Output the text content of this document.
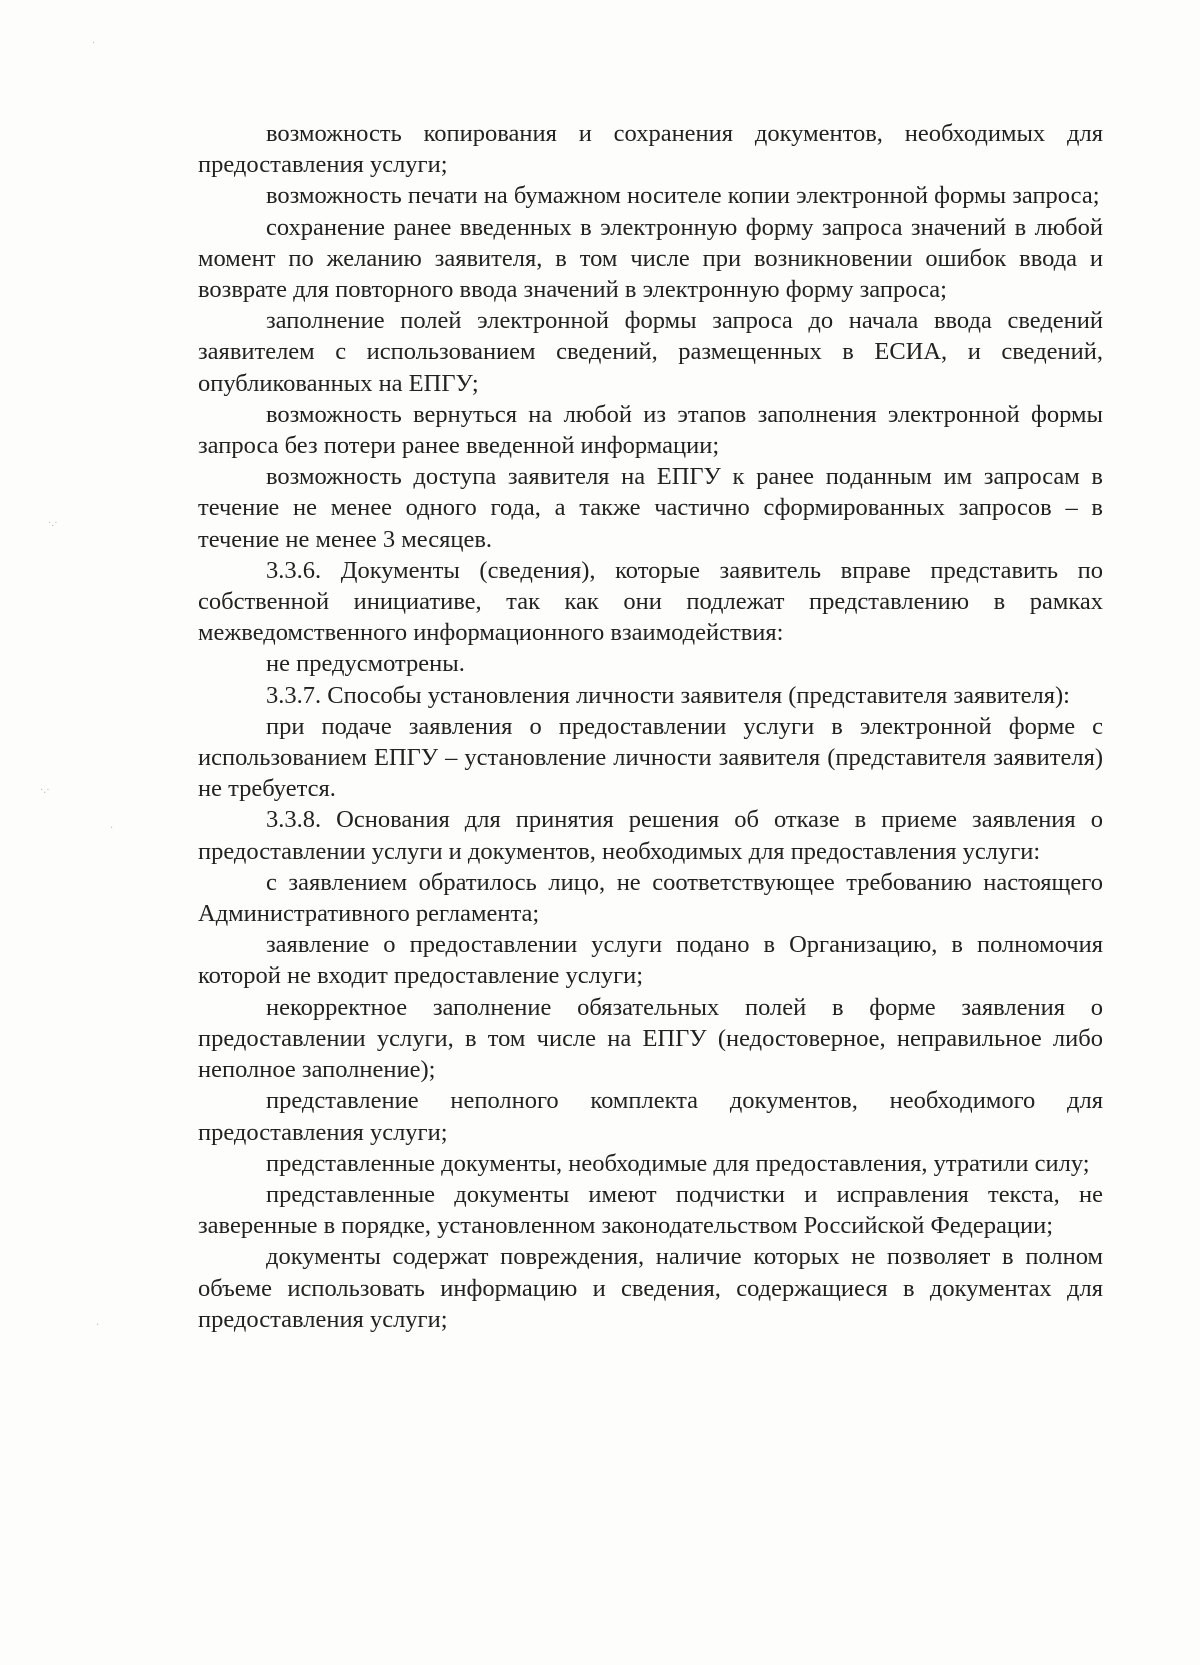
·
·.·
·.·
·
·

возможность копирования и сохранения документов, необходимых для предоставления услуги;

возможность печати на бумажном носителе копии электронной формы запроса;

сохранение ранее введенных в электронную форму запроса значений в любой момент по желанию заявителя, в том числе при возникновении ошибок ввода и возврате для повторного ввода значений в электронную форму запроса;

заполнение полей электронной формы запроса до начала ввода сведений заявителем с использованием сведений, размещенных в ЕСИА, и сведений, опубликованных на ЕПГУ;

возможность вернуться на любой из этапов заполнения электронной формы запроса без потери ранее введенной информации;

возможность доступа заявителя на ЕПГУ к ранее поданным им запросам в течение не менее одного года, а также частично сформированных запросов – в течение не менее 3 месяцев.

3.3.6. Документы (сведения), которые заявитель вправе представить по собственной инициативе, так как они подлежат представлению в рамках межведомственного информационного взаимодействия:

не предусмотрены.

3.3.7. Способы установления личности заявителя (представителя заявителя):

при подаче заявления о предоставлении услуги в электронной форме с использованием ЕПГУ – установление личности заявителя (представителя заявителя) не требуется.

3.3.8. Основания для принятия решения об отказе в приеме заявления о предоставлении услуги и документов, необходимых для предоставления услуги:

с заявлением обратилось лицо, не соответствующее требованию настоящего Административного регламента;

заявление о предоставлении услуги подано в Организацию, в полномочия которой не входит предоставление услуги;

некорректное заполнение обязательных полей в форме заявления о предоставлении услуги, в том числе на ЕПГУ (недостоверное, неправильное либо неполное заполнение);

представление неполного комплекта документов, необходимого для предоставления услуги;

представленные документы, необходимые для предоставления, утратили силу;

представленные документы имеют подчистки и исправления текста, не заверенные в порядке, установленном законодательством Российской Федерации;

документы содержат повреждения, наличие которых не позволяет в полном объеме использовать информацию и сведения, содержащиеся в документах для предоставления услуги;
